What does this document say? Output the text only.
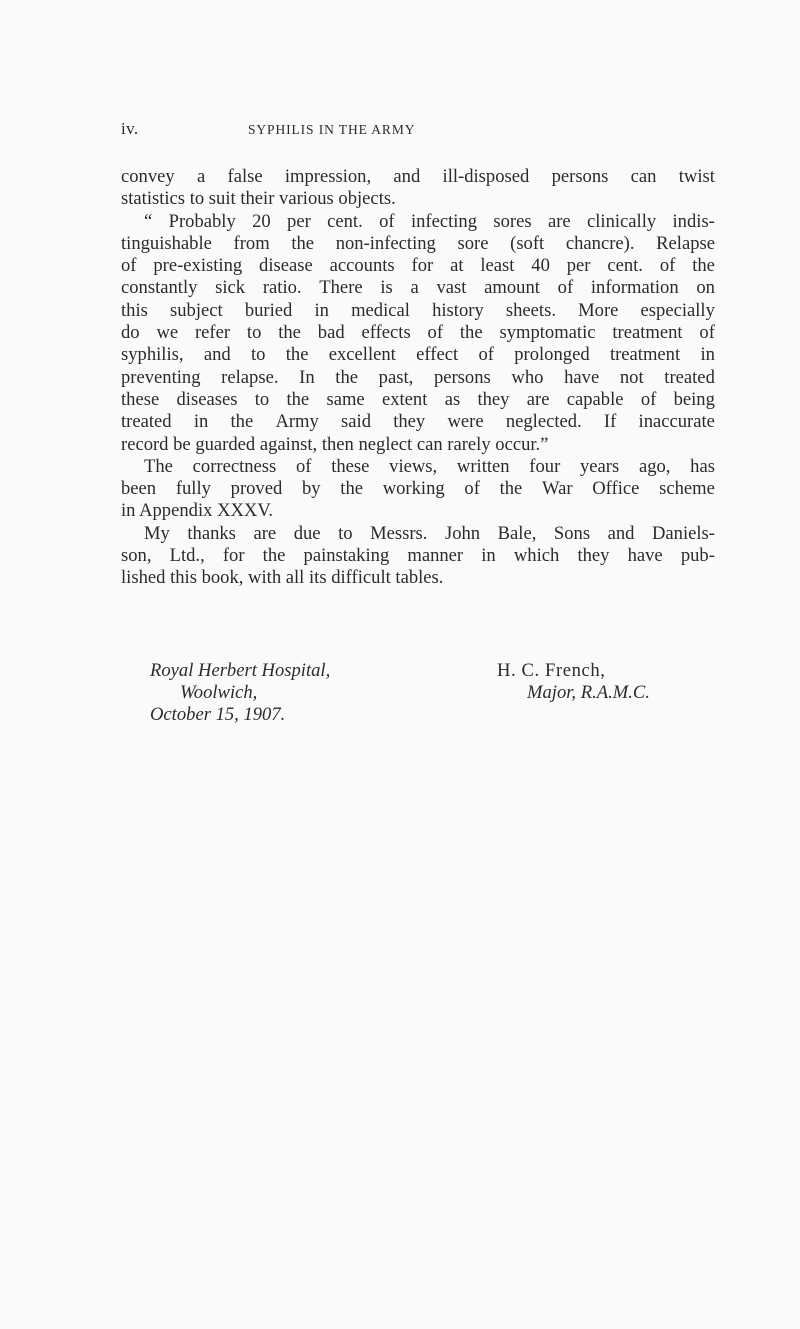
iv.	SYPHILIS IN THE ARMY
convey a false impression, and ill-disposed persons can twist
statistics to suit their various objects.
“ Probably 20 per cent. of infecting sores are clinically indis-
tinguishable from the non-infecting sore (soft chancre). Relapse
of pre-existing disease accounts for at least 40 per cent. of the
constantly sick ratio. There is a vast amount of information on
this subject buried in medical history sheets. More especially
do we refer to the bad effects of the symptomatic treatment of
syphilis, and to the excellent effect of prolonged treatment in
preventing relapse. In the past, persons who have not treated
these diseases to the same extent as they are capable of being
treated in the Army said they were neglected. If inaccurate
record be guarded against, then neglect can rarely occur.”
The correctness of these views, written four years ago, has
been fully proved by the working of the War Office scheme
in Appendix XXXV.
My thanks are due to Messrs. John Bale, Sons and Daniels-
son, Ltd., for the painstaking manner in which they have pub-
lished this book, with all its difficult tables.
Royal Herbert Hospital,
Woolwich,
October 15, 1907.
H. C. French,
Major, R.A.M.C.
